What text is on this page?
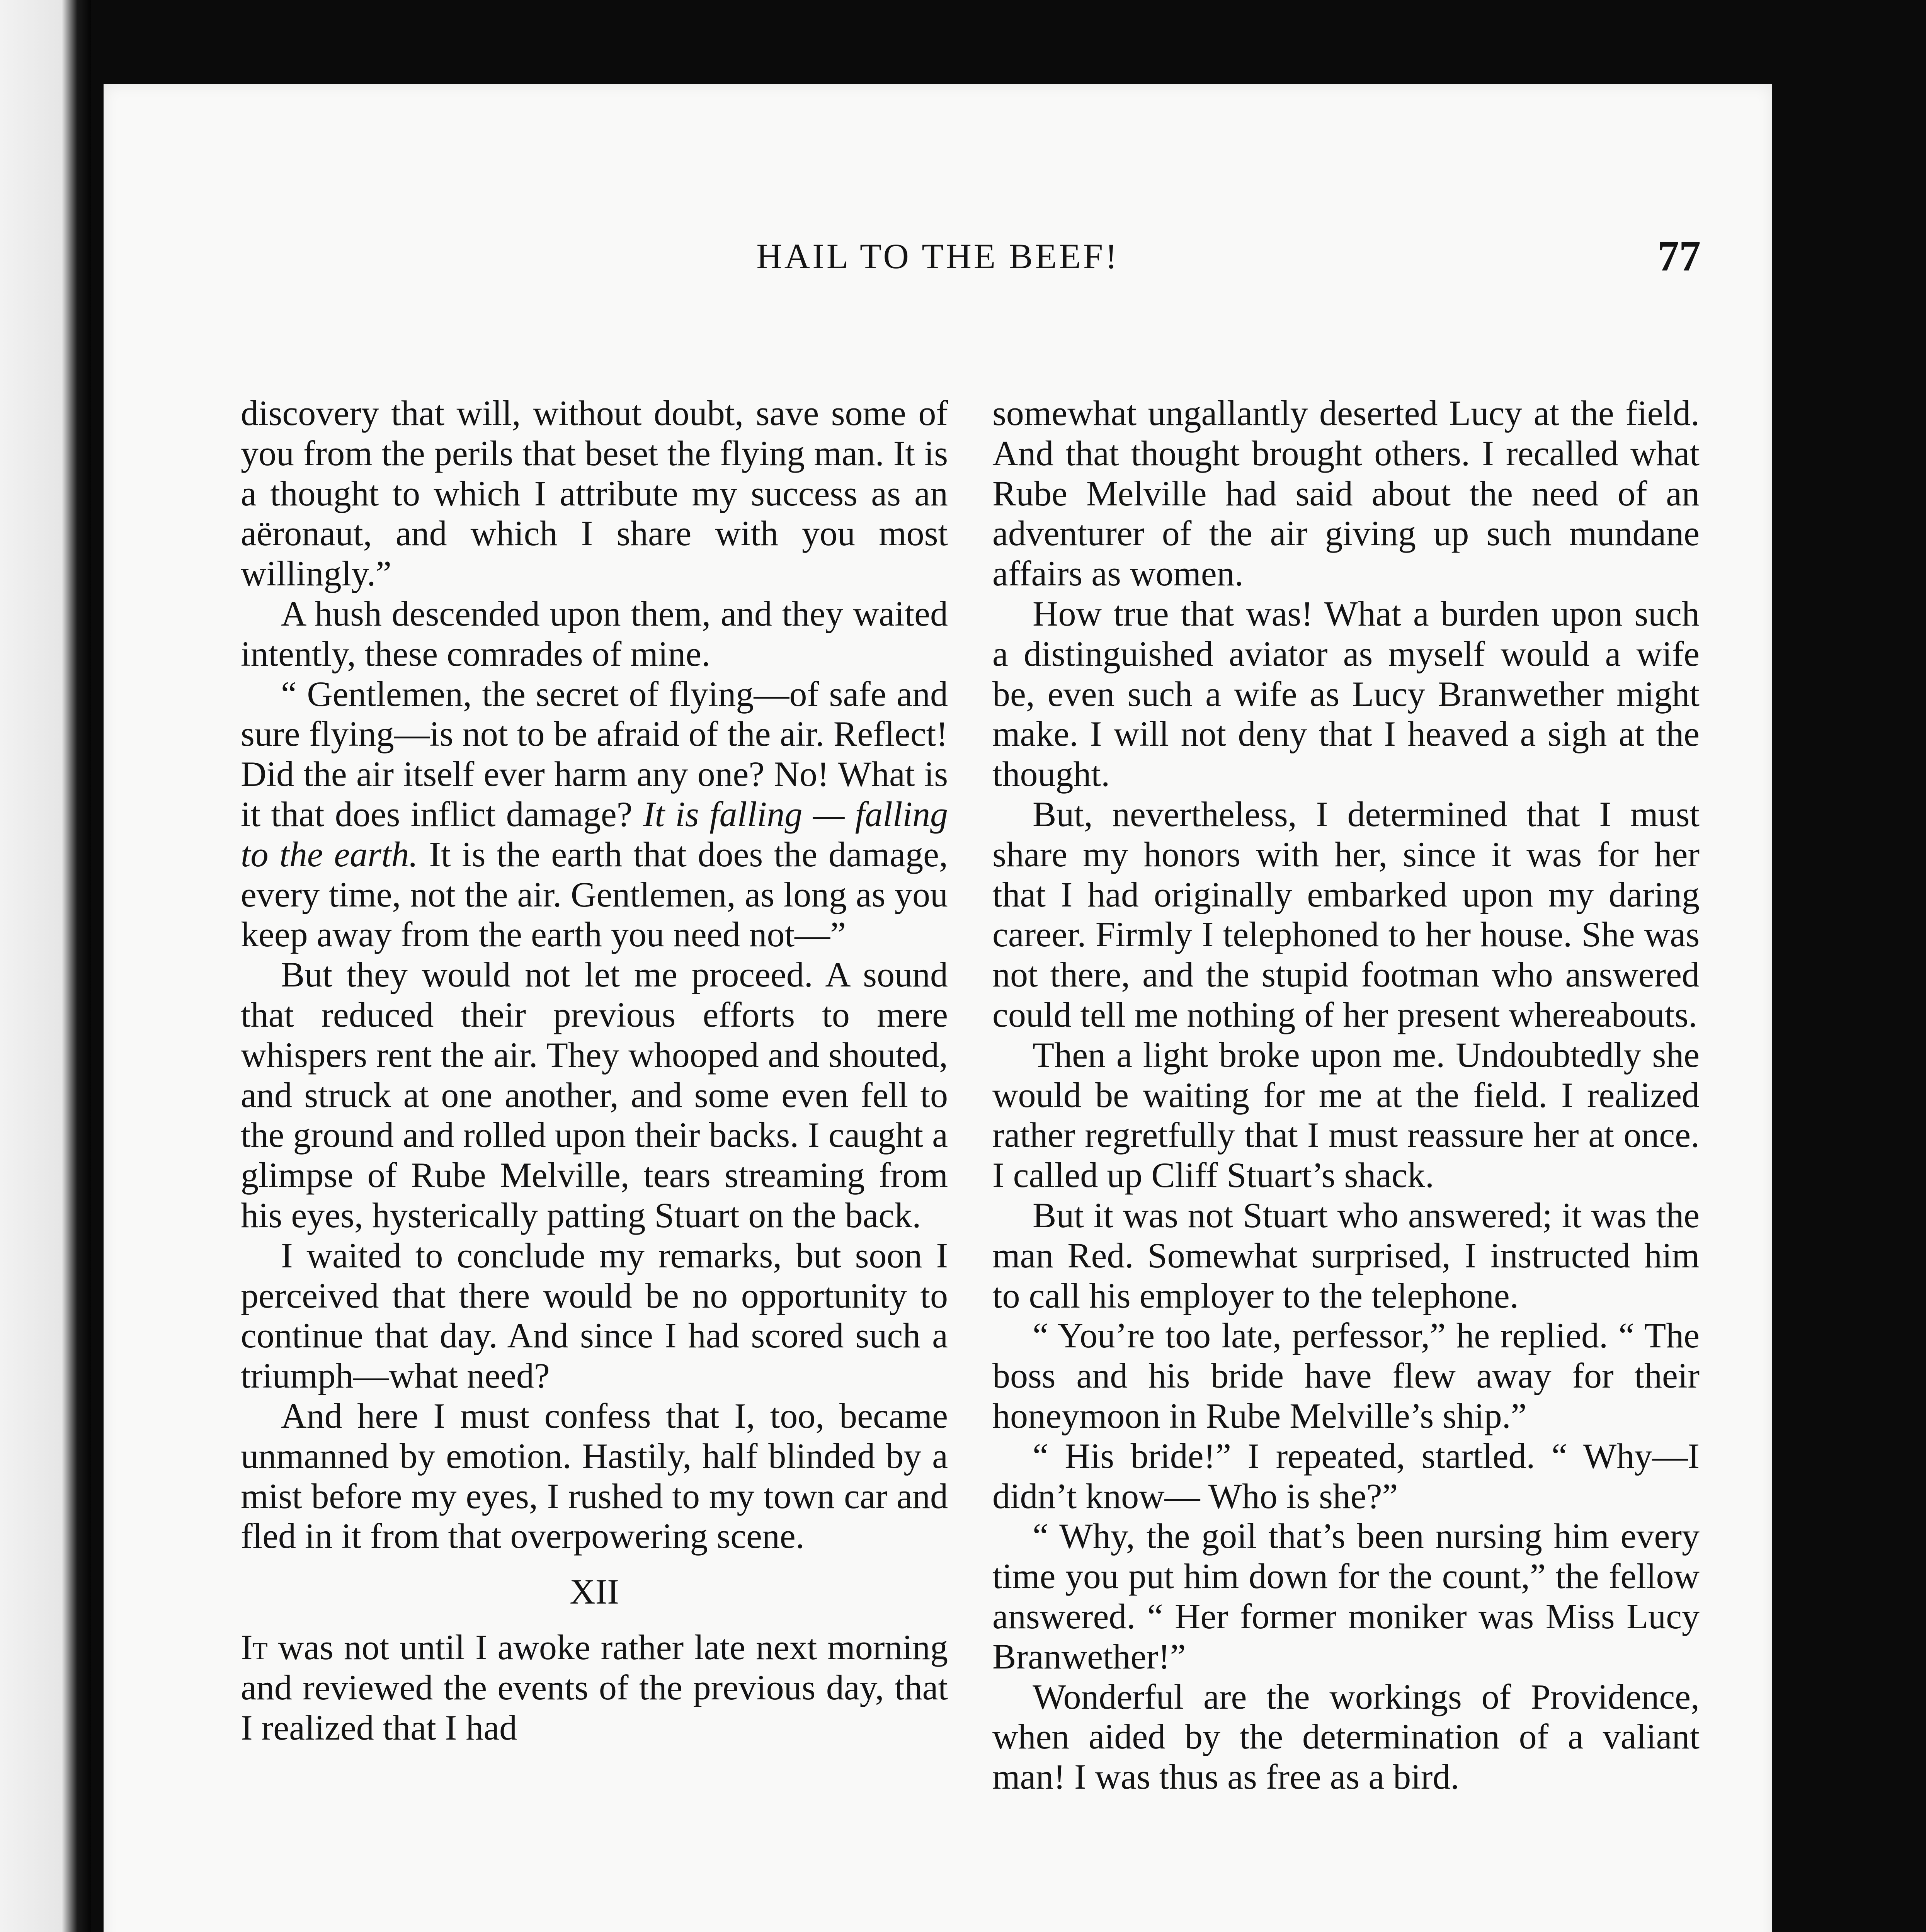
HAIL TO THE BEEF!	77

discovery that will, without doubt, save some of you from the perils that beset the flying man. It is a thought to which I attribute my success as an aëronaut, and which I share with you most willingly.”

A hush descended upon them, and they waited intently, these comrades of mine.

“ Gentlemen, the secret of flying—of safe and sure flying—is not to be afraid of the air. Reflect! Did the air itself ever harm any one? No! What is it that does inflict damage? It is falling — falling to the earth. It is the earth that does the damage, every time, not the air. Gentlemen, as long as you keep away from the earth you need not—”

But they would not let me proceed. A sound that reduced their previous efforts to mere whispers rent the air. They whooped and shouted, and struck at one another, and some even fell to the ground and rolled upon their backs. I caught a glimpse of Rube Melville, tears streaming from his eyes, hysterically patting Stuart on the back.

I waited to conclude my remarks, but soon I perceived that there would be no opportunity to continue that day. And since I had scored such a triumph—what need?

And here I must confess that I, too, became unmanned by emotion. Hastily, half blinded by a mist before my eyes, I rushed to my town car and fled in it from that overpowering scene.

XII

It was not until I awoke rather late next morning and reviewed the events of the previous day, that I realized that I had

somewhat ungallantly deserted Lucy at the field. And that thought brought others. I recalled what Rube Melville had said about the need of an adventurer of the air giving up such mundane affairs as women.

How true that was! What a burden upon such a distinguished aviator as myself would a wife be, even such a wife as Lucy Branwether might make. I will not deny that I heaved a sigh at the thought.

But, nevertheless, I determined that I must share my honors with her, since it was for her that I had originally embarked upon my daring career. Firmly I telephoned to her house. She was not there, and the stupid footman who answered could tell me nothing of her present whereabouts.

Then a light broke upon me. Undoubtedly she would be waiting for me at the field. I realized rather regretfully that I must reassure her at once. I called up Cliff Stuart’s shack.

But it was not Stuart who answered; it was the man Red. Somewhat surprised, I instructed him to call his employer to the telephone.

“ You’re too late, perfessor,” he replied. “ The boss and his bride have flew away for their honeymoon in Rube Melville’s ship.”

“ His bride!” I repeated, startled. “ Why—I didn’t know— Who is she?”

“ Why, the goil that’s been nursing him every time you put him down for the count,” the fellow answered. “ Her former moniker was Miss Lucy Branwether!”

Wonderful are the workings of Providence, when aided by the determination of a valiant man! I was thus as free as a bird.
